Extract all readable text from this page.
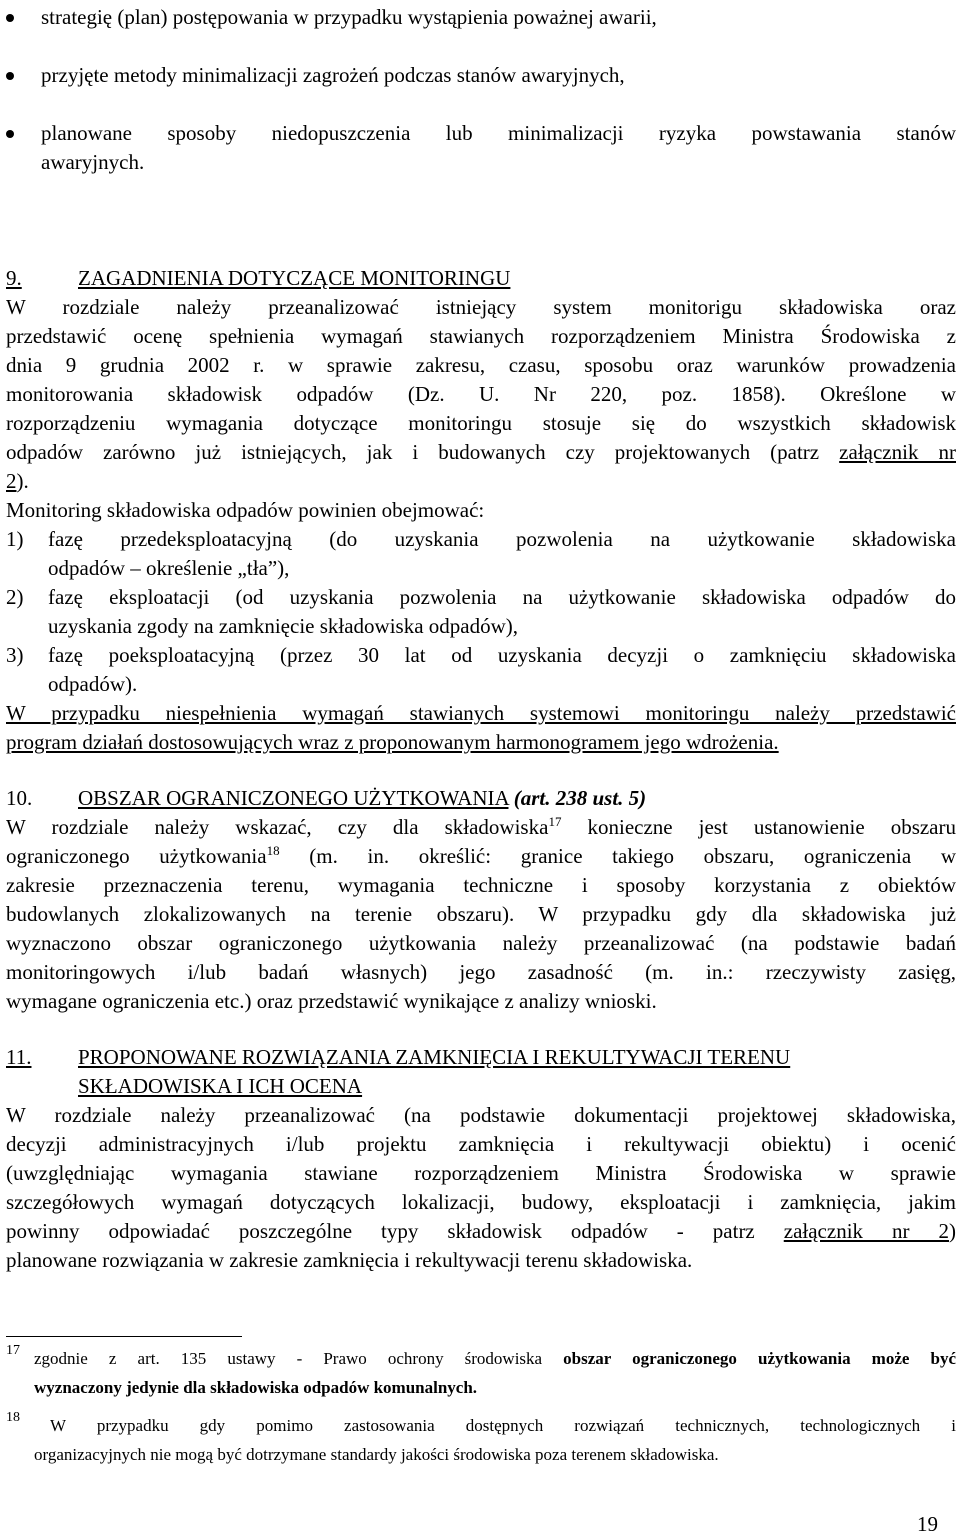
strategię (plan) postępowania w przypadku wystąpienia poważnej awarii,
przyjęte metody minimalizacji zagrożeń podczas stanów awaryjnych,
planowane sposoby niedopuszczenia lub minimalizacji ryzyka powstawania stanów
awaryjnych.
9.	ZAGADNIENIA DOTYCZĄCE MONITORINGU
W rozdziale należy przeanalizować istniejący system monitorigu składowiska oraz
przedstawić ocenę spełnienia wymagań stawianych rozporządzeniem Ministra Środowiska z
dnia 9 grudnia 2002 r. w sprawie zakresu, czasu, sposobu oraz warunków prowadzenia
monitorowania składowisk odpadów (Dz. U. Nr 220, poz. 1858). Określone w
rozporządzeniu wymagania dotyczące monitoringu stosuje się do wszystkich składowisk
odpadów zarówno już istniejących, jak i budowanych czy projektowanych (patrz załącznik nr
2).
Monitoring składowiska odpadów powinien obejmować:
1) fazę przedeksploatacyjną (do uzyskania pozwolenia na użytkowanie składowiska
odpadów – określenie „tła”),
2) fazę eksploatacji (od uzyskania pozwolenia na użytkowanie składowiska odpadów do
uzyskania zgody na zamknięcie składowiska odpadów),
3) fazę poeksploatacyjną (przez 30 lat od uzyskania decyzji o zamknięciu składowiska
odpadów).
W przypadku niespełnienia wymagań stawianych systemowi monitoringu należy przedstawić
program działań dostosowujących wraz z proponowanym harmonogramem jego wdrożenia.
10. OBSZAR OGRANICZONEGO UŻYTKOWANIA (art. 238 ust. 5)
W rozdziale należy wskazać, czy dla składowiska$^{17}$ konieczne jest ustanowienie obszaru
ograniczonego użytkowania$^{18}$ (m. in. określić: granice takiego obszaru, ograniczenia w
zakresie przeznaczenia terenu, wymagania techniczne i sposoby korzystania z obiektów
budowlanych zlokalizowanych na terenie obszaru). W przypadku gdy dla składowiska już
wyznaczono obszar ograniczonego użytkowania należy przeanalizować (na podstawie badań
monitoringowych i/lub badań własnych) jego zasadność (m. in.: rzeczywisty zasięg,
wymagane ograniczenia etc.) oraz przedstawić wynikające z analizy wnioski.
11. PROPONOWANE ROZWIĄZANIA ZAMKNIĘCIA I REKULTYWACJI TERENU
SKŁADOWISKA I ICH OCENA
W rozdziale należy przeanalizować (na podstawie dokumentacji projektowej składowiska,
decyzji administracyjnych i/lub projektu zamknięcia i rekultywacji obiektu) i ocenić
(uwzględniając wymagania stawiane rozporządzeniem Ministra Środowiska w sprawie
szczegółowych wymagań dotyczących lokalizacji, budowy, eksploatacji i zamknięcia, jakim
powinny odpowiadać poszczególne typy składowisk odpadów - patrz załącznik nr 2)
planowane rozwiązania w zakresie zamknięcia i rekultywacji terenu składowiska.
17 zgodnie z art. 135 ustawy - Prawo ochrony środowiska obszar ograniczonego użytkowania może być
wyznaczony jedynie dla składowiska odpadów komunalnych.
18	W przypadku gdy pomimo zastosowania dostępnych rozwiązań technicznych, technologicznych i
organizacyjnych nie mogą być dotrzymane standardy jakości środowiska poza terenem składowiska.
19
